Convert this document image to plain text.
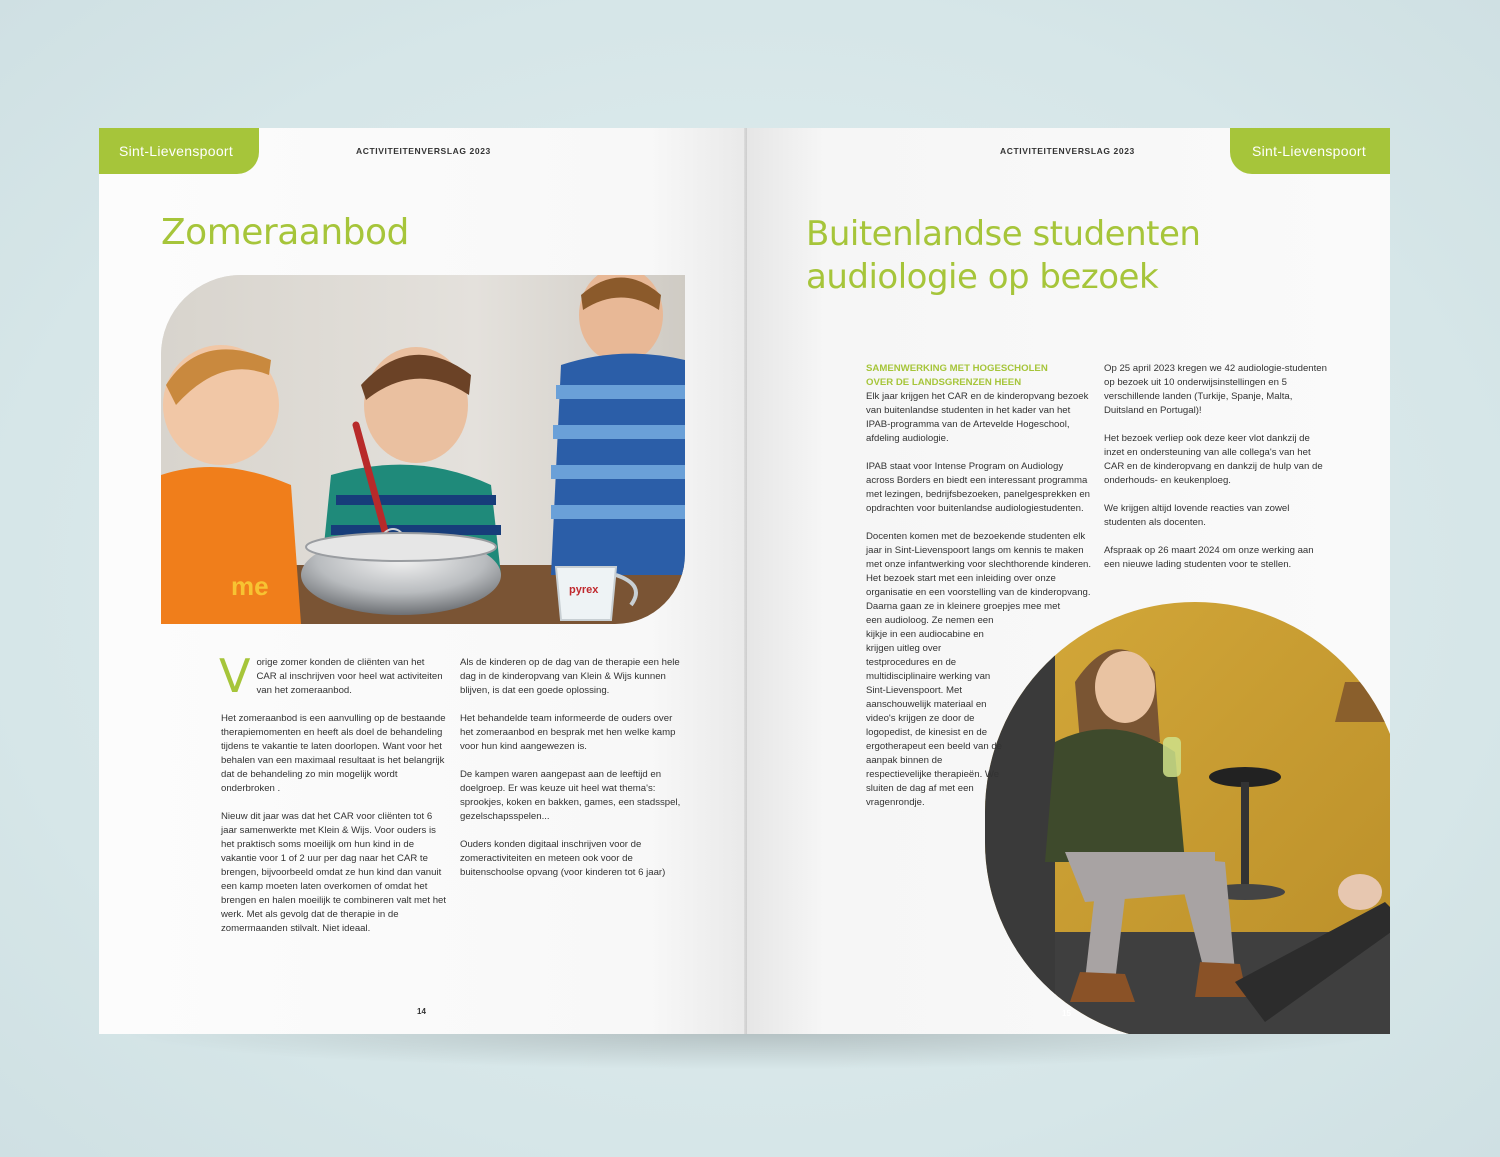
Sint-Lievenspoort	ACTIVITEITENVERSLAG 2023
Zomeraanbod
me	pyrex

Vorige zomer konden de cliënten van het CAR al inschrijven voor heel wat activiteiten van het zomeraanbod.

Het zomeraanbod is een aanvulling op de bestaande therapiemomenten en heeft als doel de behandeling tijdens te vakantie te laten doorlopen. Want voor het behalen van een maximaal resultaat is het belangrijk dat de behandeling zo min mogelijk wordt onderbroken .

Nieuw dit jaar was dat het CAR voor cliënten tot 6 jaar samenwerkte met Klein & Wijs. Voor ouders is het praktisch soms moeilijk om hun kind in de vakantie voor 1 of 2 uur per dag naar het CAR te brengen, bijvoorbeeld omdat ze hun kind dan vanuit een kamp moeten laten overkomen of omdat het brengen en halen moeilijk te combineren valt met het werk. Met als gevolg dat de therapie in de zomermaanden stilvalt. Niet ideaal.

Als de kinderen op de dag van de therapie een hele dag in de kinderopvang van Klein & Wijs kunnen blijven, is dat een goede oplossing.

Het behandelde team informeerde de ouders over het zomeraanbod en besprak met hen welke kamp voor hun kind aangewezen is.

De kampen waren aangepast aan de leeftijd en doelgroep. Er was keuze uit heel wat thema's: sprookjes, koken en bakken, games, een stadsspel, gezelschapsspelen...

Ouders konden digitaal inschrijven voor de zomeractiviteiten en meteen ook voor de buitenschoolse opvang (voor kinderen tot 6 jaar)

14
ACTIVITEITENVERSLAG 2023	Sint-Lievenspoort
Buitenlandse studenten
audiologie op bezoek
SAMENWERKING MET HOGESCHOLEN
OVER DE LANDSGRENZEN HEEN

Elk jaar krijgen het CAR en de kinderopvang bezoek van buitenlandse studenten in het kader van het IPAB-programma van de Artevelde Hogeschool, afdeling audiologie.

IPAB staat voor Intense Program on Audiology across Borders en biedt een interessant programma met lezingen, bedrijfsbezoeken, panelgesprekken en opdrachten voor buitenlandse audiologiestudenten.

Docenten komen met de bezoekende studenten elk jaar in Sint-Lievenspoort langs om kennis te maken met onze infantwerking voor slechthorende kinderen. Het bezoek start met een inleiding over onze organisatie en een voorstelling van de kinderopvang. Daarna gaan ze in kleinere groepjes mee met

een audioloog. Ze nemen een kijkje in een audiocabine en krijgen uitleg over testprocedures en de multidisciplinaire werking van Sint-Lievenspoort. Met aanschouwelijk materiaal en video's krijgen ze door de logopedist, de kinesist en de ergotherapeut een beeld van de aanpak binnen de respectievelijke therapieën. We sluiten de dag af met een vragenrondje.

Op 25 april 2023 kregen we 42 audiologie-studenten op bezoek uit 10 onderwijsinstellingen en 5 verschillende landen (Turkije, Spanje, Malta, Duitsland en Portugal)!

Het bezoek verliep ook deze keer vlot dankzij de inzet en ondersteuning van alle collega's van het CAR en de kinderopvang en dankzij de hulp van de onderhouds- en keukenploeg.

We krijgen altijd lovende reacties van zowel studenten als docenten.

Afspraak op 26 maart 2024 om onze werking aan een nieuwe lading studenten voor te stellen.

15
